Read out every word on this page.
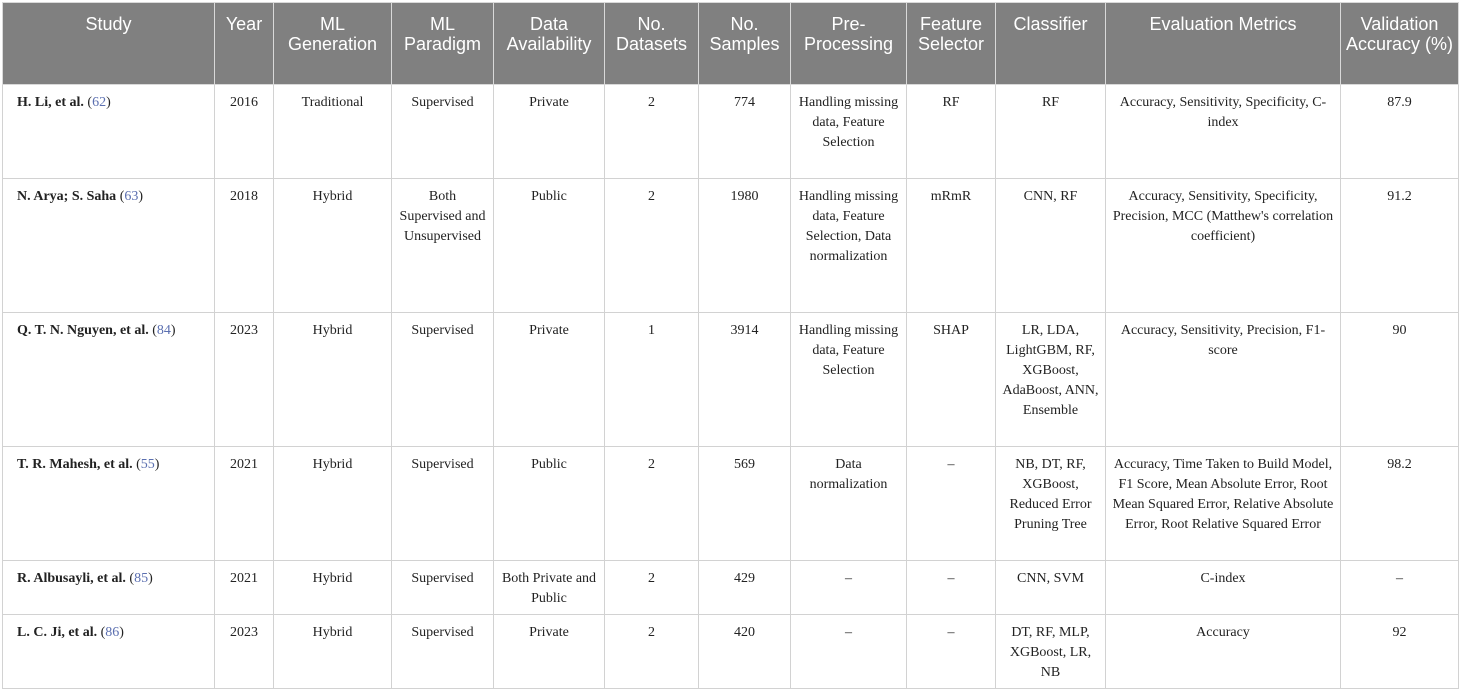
Study	Year	ML Generation	ML Paradigm	Data Availability	No. Datasets	No. Samples	Pre-Processing	Feature Selector	Classifier	Evaluation Metrics	Validation Accuracy (%)
H. Li, et al. (62)	2016	Traditional	Supervised	Private	2	774	Handling missing data, Feature Selection	RF	RF	Accuracy, Sensitivity, Specificity, C-index	87.9
N. Arya; S. Saha (63)	2018	Hybrid	Both Supervised and Unsupervised	Public	2	1980	Handling missing data, Feature Selection, Data normalization	mRmR	CNN, RF	Accuracy, Sensitivity, Specificity, Precision, MCC (Matthew's correlation coefficient)	91.2
Q. T. N. Nguyen, et al. (84)	2023	Hybrid	Supervised	Private	1	3914	Handling missing data, Feature Selection	SHAP	LR, LDA, LightGBM, RF, XGBoost, AdaBoost, ANN, Ensemble	Accuracy, Sensitivity, Precision, F1-score	90
T. R. Mahesh, et al. (55)	2021	Hybrid	Supervised	Public	2	569	Data normalization	–	NB, DT, RF, XGBoost, Reduced Error Pruning Tree	Accuracy, Time Taken to Build Model, F1 Score, Mean Absolute Error, Root Mean Squared Error, Relative Absolute Error, Root Relative Squared Error	98.2
R. Albusayli, et al. (85)	2021	Hybrid	Supervised	Both Private and Public	2	429	–	–	CNN, SVM	C-index	–
L. C. Ji, et al. (86)	2023	Hybrid	Supervised	Private	2	420	–	–	DT, RF, MLP, XGBoost, LR, NB	Accuracy	92
